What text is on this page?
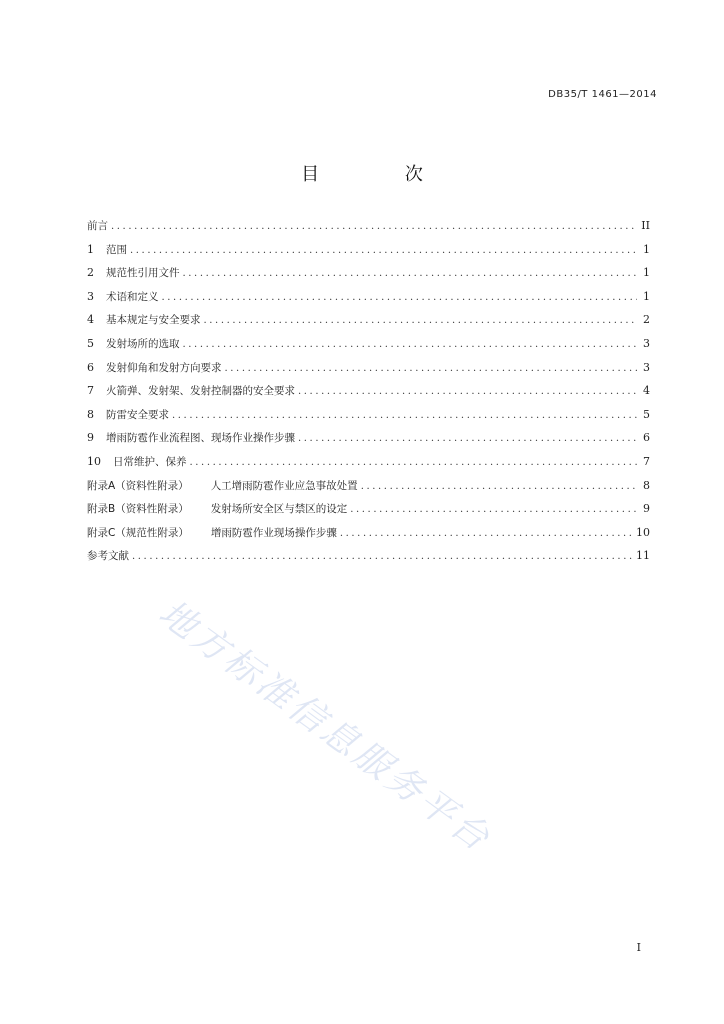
DB35/T 1461—2014
目 次
前言 .....	II
1	范围 .....	1
2	规范性引用文件 .....	1
3	术语和定义 .....	1
4	基本规定与安全要求 .....	2
5	发射场所的选取 .....	3
6	发射仰角和发射方向要求 .....	3
7	火箭弹、发射架、发射控制器的安全要求 .....	4
8	防雷安全要求 .....	5
9	增雨防雹作业流程图、现场作业操作步骤 .....	6
10	日常维护、保养 .....	7
附录A（资料性附录） 人工增雨防雹作业应急事故处置 .....	8
附录B（资料性附录） 发射场所安全区与禁区的设定 .....	9
附录C（规范性附录） 增雨防雹作业现场操作步骤 .....	10
参考文献 .....	11
地方标准信息服务平台
I
